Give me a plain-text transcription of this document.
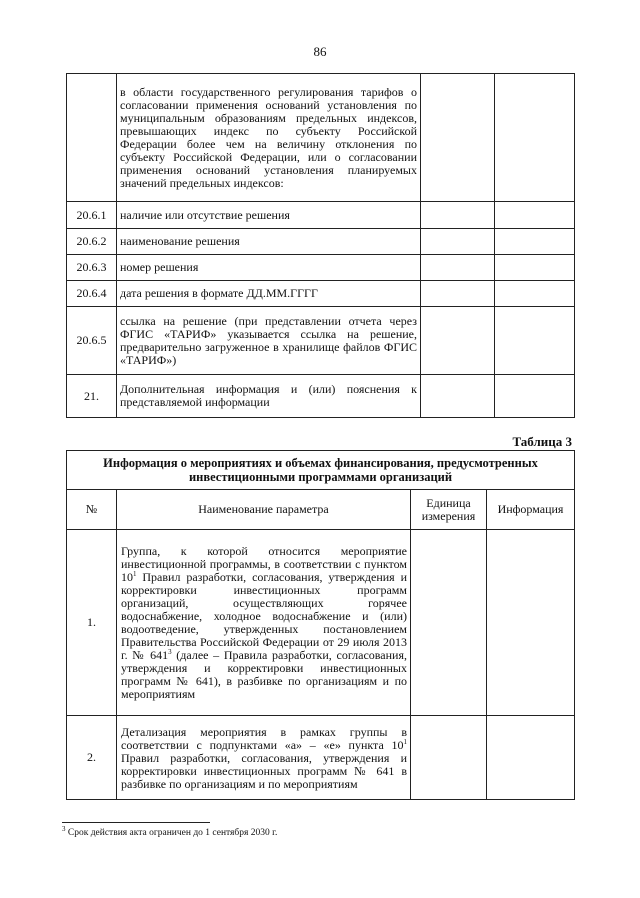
86
	в области государственного регулирования тарифов о согласовании применения оснований установления по муниципальным образованиям предельных индексов, превышающих индекс по субъекту Российской Федерации более чем на величину отклонения по субъекту Российской Федерации, или о согласовании применения оснований установления планируемых значений предельных индексов:		
20.6.1	наличие или отсутствие решения		
20.6.2	наименование решения		
20.6.3	номер решения		
20.6.4	дата решения в формате ДД.ММ.ГГГГ		
20.6.5	ссылка на решение (при представлении отчета через ФГИС «ТАРИФ» указывается ссылка на решение, предварительно загруженное в хранилище файлов ФГИС «ТАРИФ»)		
21.	Дополнительная информация и (или) пояснения к представляемой информации		
Таблица 3
Информация о мероприятиях и объемах финансирования, предусмотренных инвестиционными программами организаций			
№	Наименование параметра	Единица измерения	Информация
1.	Группа, к которой относится мероприятие инвестиционной программы, в соответствии с пунктом $10^1$ Правил разработки, согласования, утверждения и корректировки инвестиционных программ организаций, осуществляющих горячее водоснабжение, холодное водоснабжение и (или) водоотведение, утвержденных постановлением Правительства Российской Федерации от 29 июля 2013 г. № $641^3$ (далее – Правила разработки, согласования, утверждения и корректировки инвестиционных программ № 641), в разбивке по организациям и по мероприятиям		
2.	Детализация мероприятия в рамках группы в соответствии с подпунктами «а» – «е» пункта $10^1$ Правил разработки, согласования, утверждения и корректировки инвестиционных программ № 641 в разбивке по организациям и по мероприятиям		
$^3$ Срок действия акта ограничен до 1 сентября 2030 г.
